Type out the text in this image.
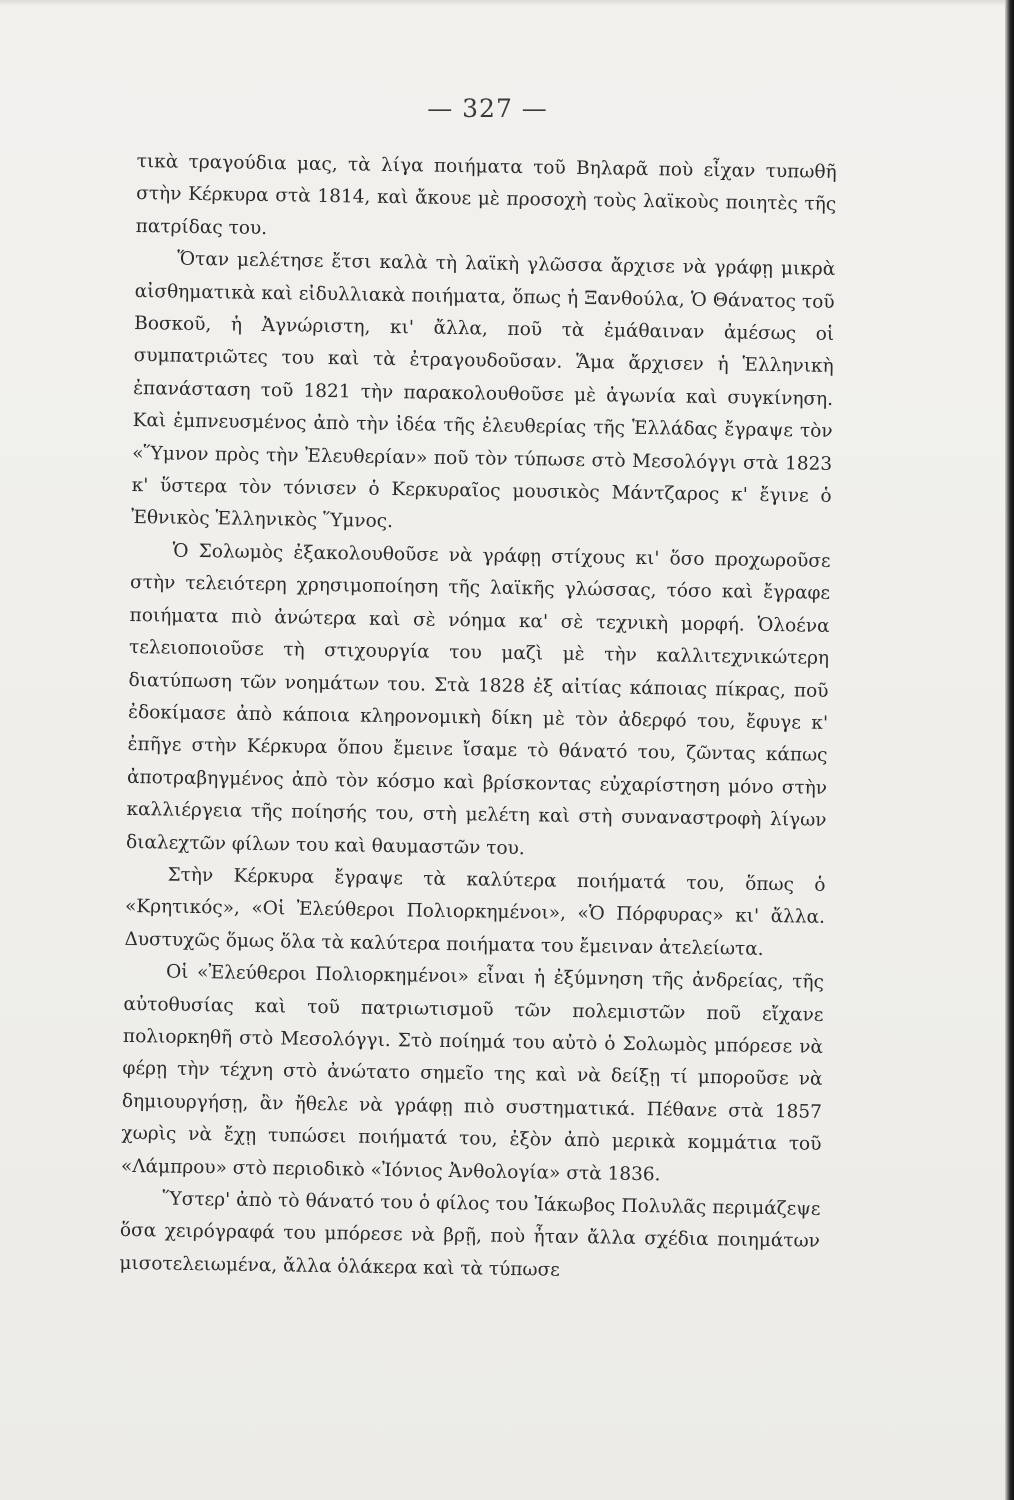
— 327 —

τικὰ τραγούδια μας, τὰ λίγα ποιήματα τοῦ Βηλαρᾶ ποὺ εἶχαν τυπωθῆ στὴν Κέρκυρα στὰ 1814, καὶ ἄκουε μὲ προσοχὴ τοὺς λαϊκοὺς ποιητὲς τῆς πατρίδας του.

Ὅταν μελέτησε ἔτσι καλὰ τὴ λαϊκὴ γλῶσσα ἄρχισε νὰ γράφῃ μικρὰ αἰσθηματικὰ καὶ εἰδυλλιακὰ ποιήματα, ὅπως ἡ Ξανθούλα, Ὁ Θάνατος τοῦ Βοσκοῦ, ἡ Ἀγνώριστη, κι' ἄλλα, ποῦ τὰ ἐμάθαιναν ἀμέσως οἱ συμπατριῶτες του καὶ τὰ ἐτραγουδοῦσαν. Ἅμα ἄρχισεν ἡ Ἑλληνικὴ ἐπανάσταση τοῦ 1821 τὴν παρακολουθοῦσε μὲ ἀγωνία καὶ συγκίνηση. Καὶ ἐμπνευσμένος ἀπὸ τὴν ἰδέα τῆς ἐλευθερίας τῆς Ἑλλάδας ἔγραψε τὸν «Ὕμνον πρὸς τὴν Ἐλευθερίαν» ποῦ τὸν τύπωσε στὸ Μεσολόγγι στὰ 1823 κ' ὕστερα τὸν τόνισεν ὁ Κερκυραῖος μουσικὸς Μάντζαρος κ' ἔγινε ὁ Ἐθνικὸς Ἑλληνικὸς Ὕμνος.

Ὁ Σολωμὸς ἐξακολουθοῦσε νὰ γράφῃ στίχους κι' ὅσο προχωροῦσε στὴν τελειότερη χρησιμοποίηση τῆς λαϊκῆς γλώσσας, τόσο καὶ ἔγραφε ποιήματα πιὸ ἀνώτερα καὶ σὲ νόημα κα' σὲ τεχνικὴ μορφή. Ὁλοένα τελειοποιοῦσε τὴ στιχουργία του μαζὶ μὲ τὴν καλλιτεχνικώτερη διατύπωση τῶν νοημάτων του. Στὰ 1828 ἐξ αἰτίας κάποιας πίκρας, ποῦ ἐδοκίμασε ἀπὸ κάποια κληρονομικὴ δίκη μὲ τὸν ἀδερφό του, ἔφυγε κ' ἐπῆγε στὴν Κέρκυρα ὅπου ἔμεινε ἴσαμε τὸ θάνατό του, ζῶντας κάπως ἀποτραβηγμένος ἀπὸ τὸν κόσμο καὶ βρίσκοντας εὐχαρίστηση μόνο στὴν καλλιέργεια τῆς ποίησής του, στὴ μελέτη καὶ στὴ συναναστροφὴ λίγων διαλεχτῶν φίλων του καὶ θαυμαστῶν του.

Στὴν Κέρκυρα ἔγραψε τὰ καλύτερα ποιήματά του, ὅπως ὁ «Κρητικός», «Οἱ Ἐλεύθεροι Πολιορκημένοι», «Ὁ Πόρφυρας» κι' ἄλλα. Δυστυχῶς ὅμως ὅλα τὰ καλύτερα ποιήματα του ἔμειναν ἀτελείωτα.

Οἱ «Ἐλεύθεροι Πολιορκημένοι» εἶναι ἡ ἐξύμνηση τῆς ἀνδρείας, τῆς αὐτοθυσίας καὶ τοῦ πατριωτισμοῦ τῶν πολεμιστῶν ποῦ εἴχανε πολιορκηθῆ στὸ Μεσολόγγι. Στὸ ποίημά του αὐτὸ ὁ Σολωμὸς μπόρεσε νὰ φέρῃ τὴν τέχνη στὸ ἀνώτατο σημεῖο της καὶ νὰ δείξῃ τί μποροῦσε νὰ δημιουργήσῃ, ἂν ἤθελε νὰ γράφῃ πιὸ συστηματικά. Πέθανε στὰ 1857 χωρὶς νὰ ἔχῃ τυπώσει ποιήματά του, ἐξὸν ἀπὸ μερικὰ κομμάτια τοῦ «Λάμπρου» στὸ περιοδικὸ «Ἰόνιος Ἀνθολογία» στὰ 1836.

Ὕστερ' ἀπὸ τὸ θάνατό του ὁ φίλος του Ἰάκωβος Πολυλᾶς περιμάζεψε ὅσα χειρόγραφά του μπόρεσε νὰ βρῇ, ποὺ ἦταν ἄλλα σχέδια ποιημάτων μισοτελειωμένα, ἄλλα ὁλάκερα καὶ τὰ τύπωσε
